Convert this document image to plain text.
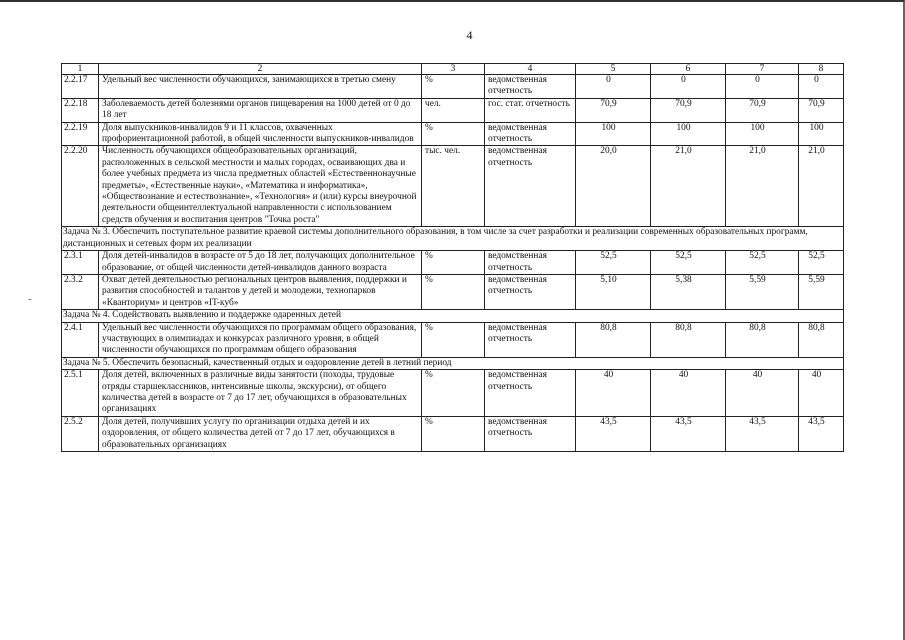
4
-
1	2	3	4	5	6	7	8
2.2.17	Удельный вес численности обучающихся, занимающихся в третью смену	%	ведомственная отчетность	0	0	0	0
2.2.18	Заболеваемость детей болезнями органов пищеварения на 1000 детей от 0 до 18 лет	чел.	гос. стат. отчетность	70,9	70,9	70,9	70,9
2.2.19	Доля выпускников-инвалидов 9 и 11 классов, охваченных профориентационной работой, в общей численности выпускников-инвалидов	%	ведомственная отчетность	100	100	100	100
2.2.20	Численность обучающихся общеобразовательных организаций, расположенных в сельской местности и малых городах, осваивающих два и более учебных предмета из числа предметных областей «Естественнонаучные предметы», «Естественные науки», «Математика и информатика», «Обществознание и естествознание», «Технология» и (или) курсы внеурочной деятельности общеинтеллектуальной направленности с использованием средств обучения и воспитания центров "Точка роста"	тыс. чел.	ведомственная отчетность	20,0	21,0	21,0	21,0
Задача № 3. Обеспечить поступательное развитие краевой системы дополнительного образования, в том числе за счет разработки и реализации современных образовательных программ, дистанционных и сетевых форм их реализации							
2.3.1	Доля детей-инвалидов в возрасте от 5 до 18 лет, получающих дополнительное образование, от общей численности детей-инвалидов данного возраста	%	ведомственная отчетность	52,5	52,5	52,5	52,5
2.3.2	Охват детей деятельностью региональных центров выявления, поддержки и развития способностей и талантов у детей и молодежи, технопарков «Кванториум» и центров «IT-куб»	%	ведомственная отчетность	5,10	5,38	5,59	5,59
Задача № 4. Содействовать выявлению и поддержке одаренных детей							
2.4.1	Удельный вес численности обучающихся по программам общего образования, участвующих в олимпиадах и конкурсах различного уровня, в общей численности обучающихся по программам общего образования	%	ведомственная отчетность	80,8	80,8	80,8	80,8
Задача № 5. Обеспечить безопасный, качественный отдых и оздоровление детей в летний период							
2.5.1	Доля детей, включенных в различные виды занятости (походы, трудовые отряды старшеклассников, интенсивные школы, экскурсии), от общего количества детей в возрасте от 7 до 17 лет, обучающихся в образовательных организациях	%	ведомственная отчетность	40	40	40	40
2.5.2	Доля детей, получивших услугу по организации отдыха детей и их оздоровления, от общего количества детей от 7 до 17 лет, обучающихся в образовательных организациях	%	ведомственная отчетность	43,5	43,5	43,5	43,5
